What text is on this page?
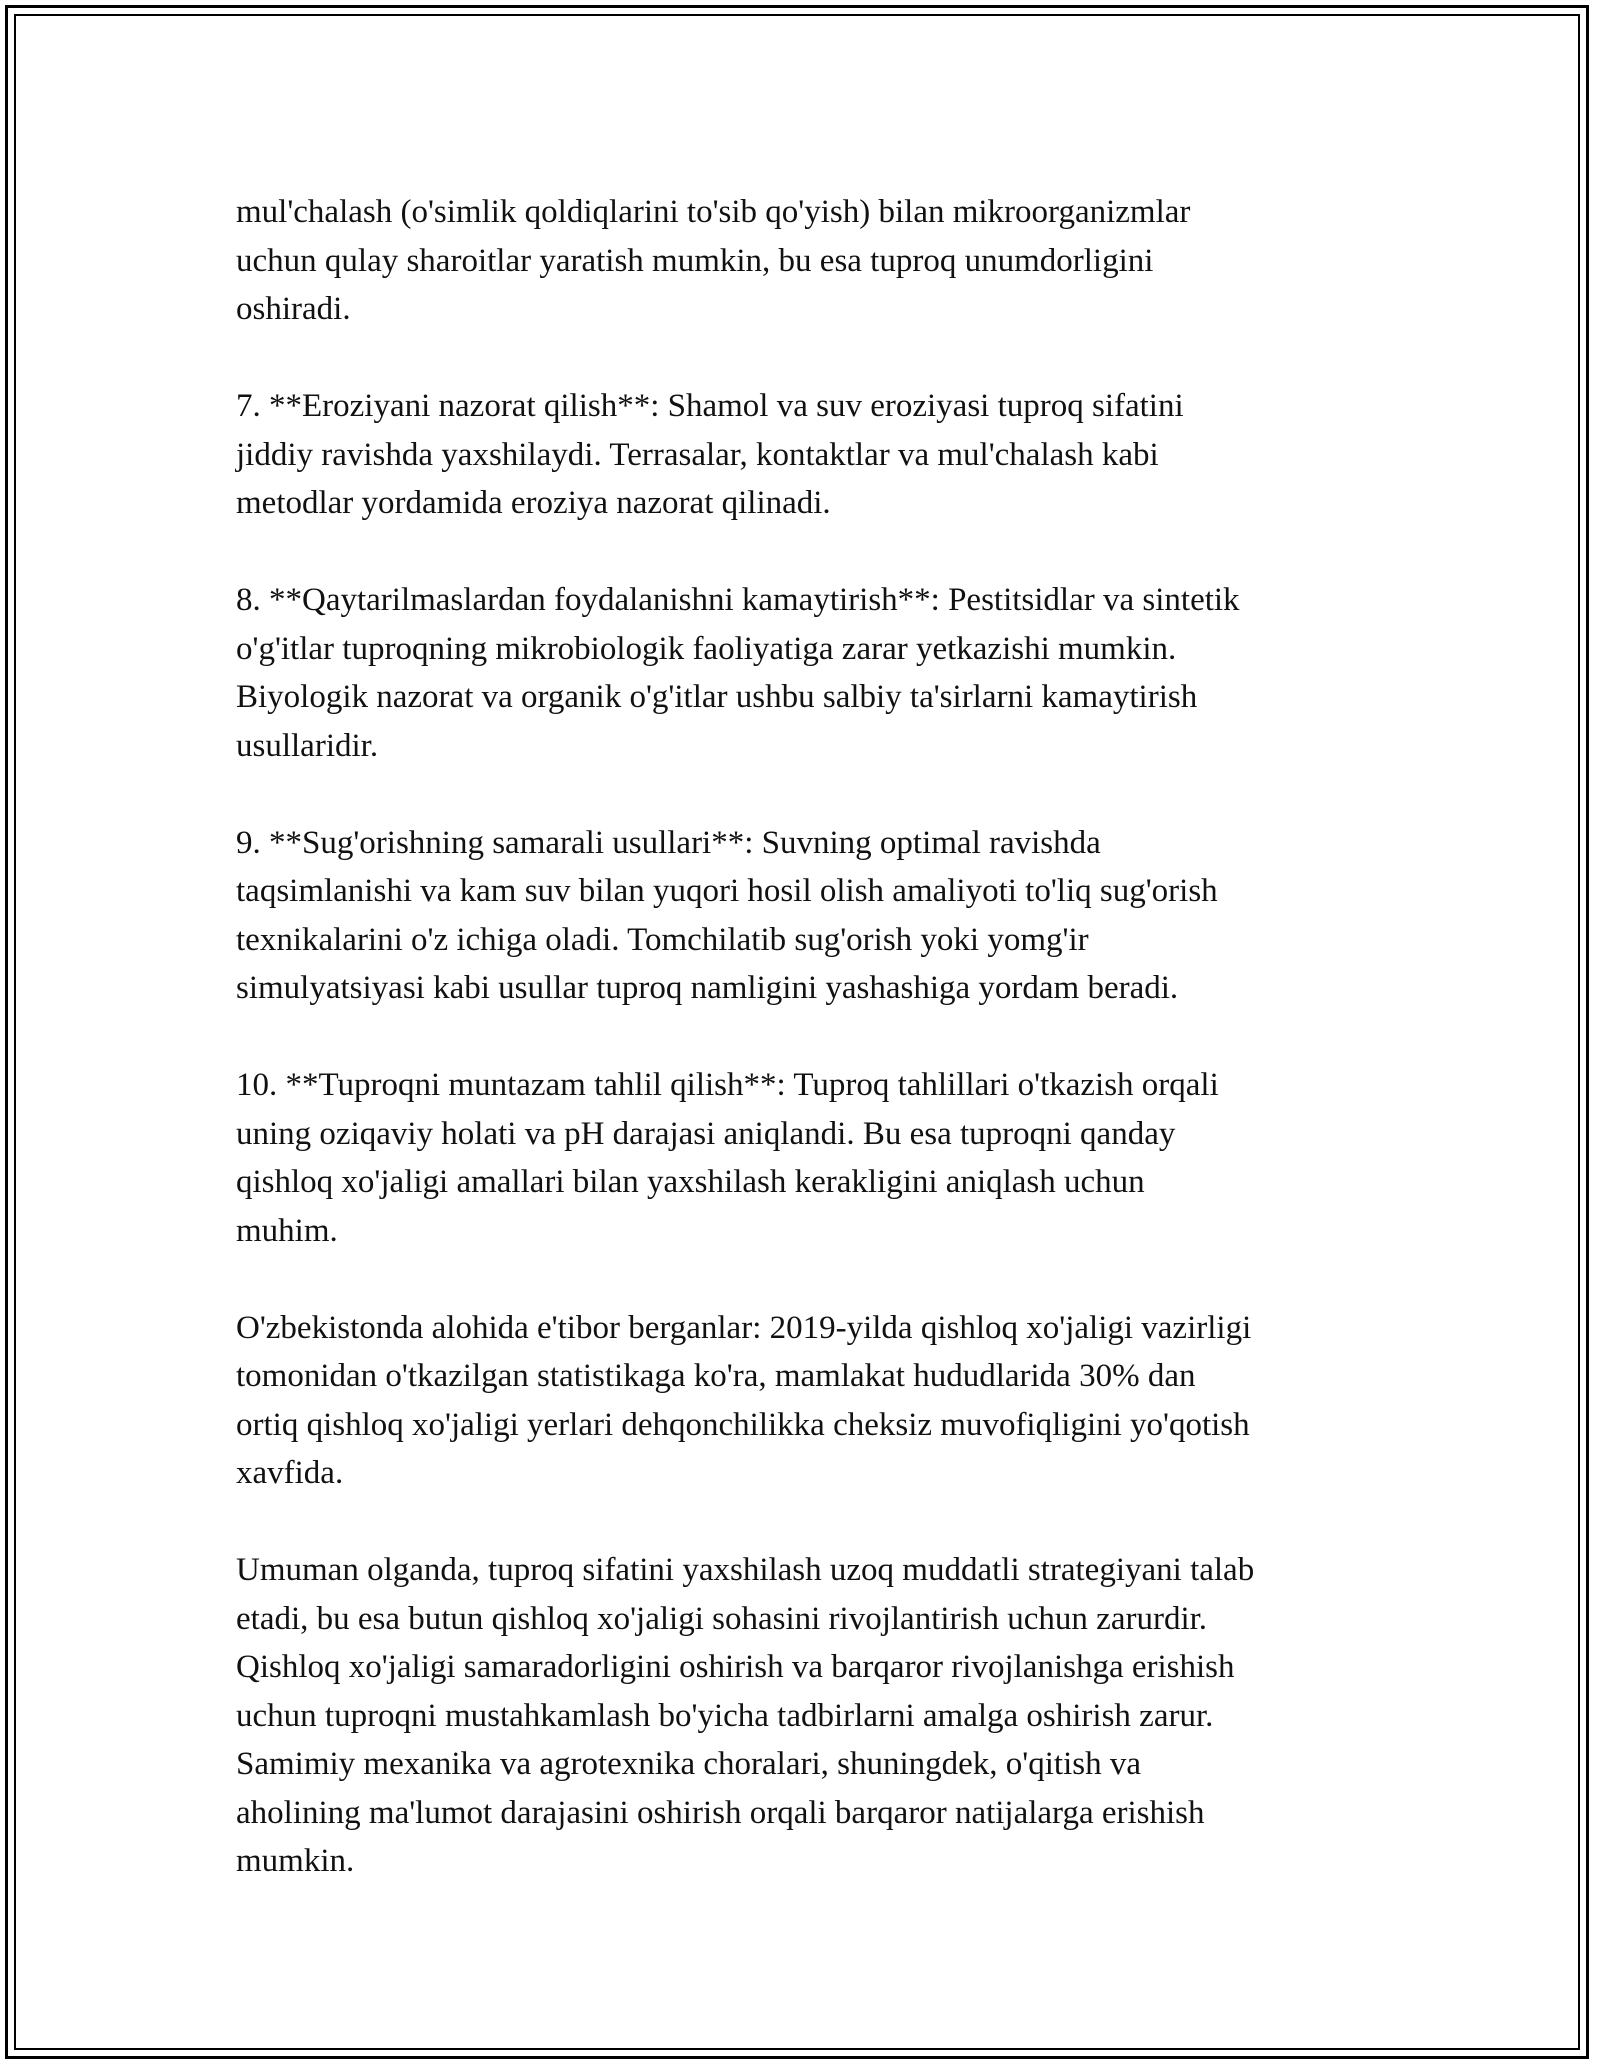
mul'chalash (o'simlik qoldiqlarini to'sib qo'yish) bilan mikroorganizmlar
uchun qulay sharoitlar yaratish mumkin, bu esa tuproq unumdorligini
oshiradi.

7. **Eroziyani nazorat qilish**: Shamol va suv eroziyasi tuproq sifatini
jiddiy ravishda yaxshilaydi. Terrasalar, kontaktlar va mul'chalash kabi
metodlar yordamida eroziya nazorat qilinadi.

8. **Qaytarilmaslardan foydalanishni kamaytirish**: Pestitsidlar va sintetik
o'g'itlar tuproqning mikrobiologik faoliyatiga zarar yetkazishi mumkin.
Biyologik nazorat va organik o'g'itlar ushbu salbiy ta'sirlarni kamaytirish
usullaridir.

9. **Sug'orishning samarali usullari**: Suvning optimal ravishda
taqsimlanishi va kam suv bilan yuqori hosil olish amaliyoti to'liq sug'orish
texnikalarini o'z ichiga oladi. Tomchilatib sug'orish yoki yomg'ir
simulyatsiyasi kabi usullar tuproq namligini yashashiga yordam beradi.

10. **Tuproqni muntazam tahlil qilish**: Tuproq tahlillari o'tkazish orqali
uning oziqaviy holati va pH darajasi aniqlandi. Bu esa tuproqni qanday
qishloq xo'jaligi amallari bilan yaxshilash kerakligini aniqlash uchun
muhim.

O'zbekistonda alohida e'tibor berganlar: 2019-yilda qishloq xo'jaligi vazirligi
tomonidan o'tkazilgan statistikaga ko'ra, mamlakat hududlarida 30% dan
ortiq qishloq xo'jaligi yerlari dehqonchilikka cheksiz muvofiqligini yo'qotish
xavfida.

Umuman olganda, tuproq sifatini yaxshilash uzoq muddatli strategiyani talab
etadi, bu esa butun qishloq xo'jaligi sohasini rivojlantirish uchun zarurdir.
Qishloq xo'jaligi samaradorligini oshirish va barqaror rivojlanishga erishish
uchun tuproqni mustahkamlash bo'yicha tadbirlarni amalga oshirish zarur.
Samimiy mexanika va agrotexnika choralari, shuningdek, o'qitish va
aholining ma'lumot darajasini oshirish orqali barqaror natijalarga erishish
mumkin.
